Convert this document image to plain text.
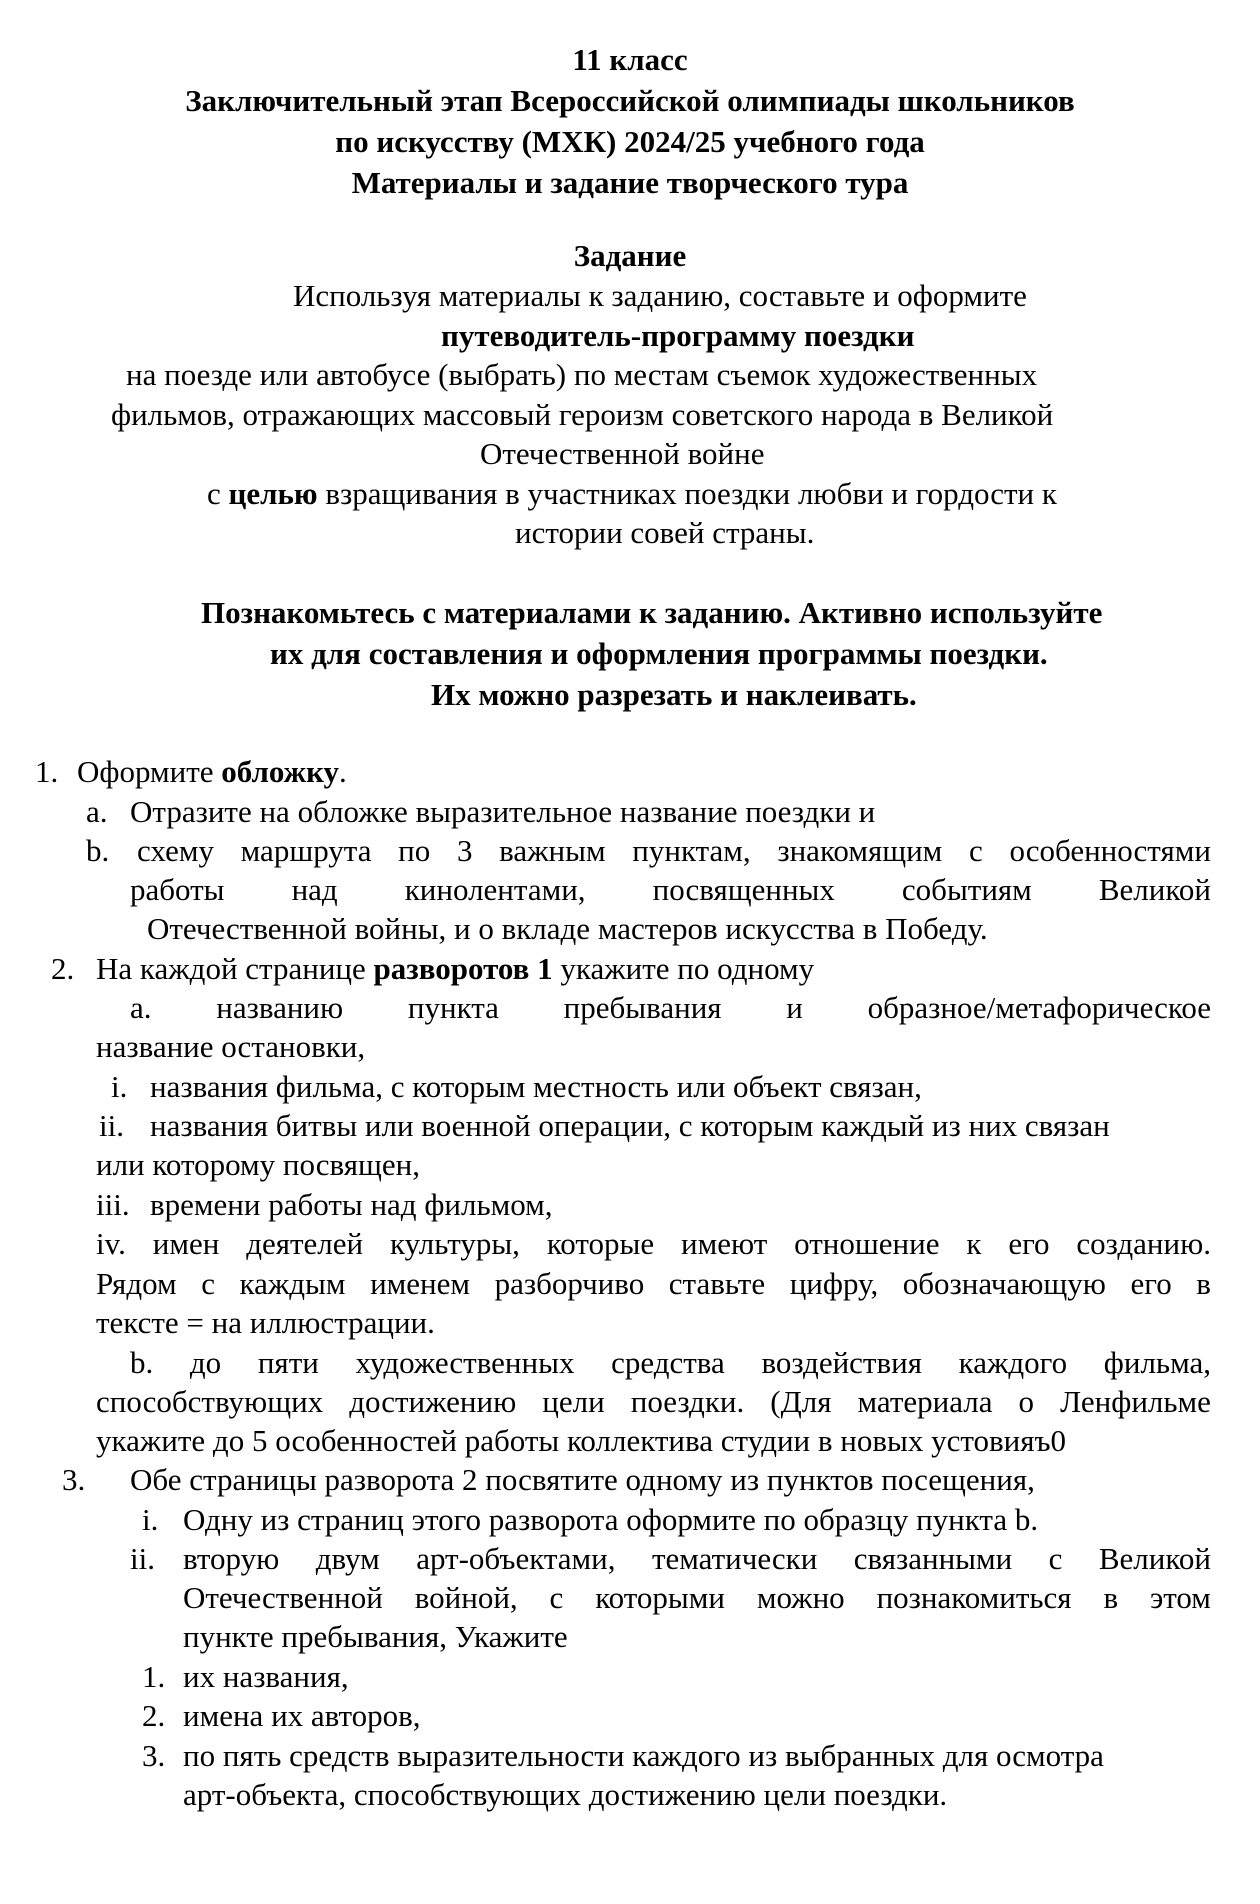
11 класс
Заключительный этап Всероссийской олимпиады школьников
по искусству (МХК) 2024/25 учебного года
Материалы и задание творческого тура
Задание
Используя материалы к заданию, составьте и оформите
путеводитель-программу поездки
на поезде или автобусе (выбрать) по местам съемок художественных
фильмов, отражающих массовый героизм советского народа в Великой
Отечественной войне
с целью взращивания в участниках поездки любви и гордости к
истории совей страны.
Познакомьтесь с материалами к заданию. Активно используйте
их для составления и оформления программы поездки.
Их можно разрезать и наклеивать.
1. Оформите обложку.
a. Отразите на обложке выразительное название поездки и
b. схему маршрута по 3 важным пунктам, знакомящим с особенностями
работы над кинолентами, посвященных событиям Великой
Отечественной войны, и о вкладе мастеров искусства в Победу.
2. На каждой странице разворотов 1 укажите по одному
a. названию пункта пребывания и образное/метафорическое
название остановки,
i. названия фильма, с которым местность или объект связан,
ii. названия битвы или военной операции, с которым каждый из них связан
или которому посвящен,
iii. времени работы над фильмом,
iv. имен деятелей культуры, которые имеют отношение к его созданию.
Рядом с каждым именем разборчиво ставьте цифру, обозначающую его в
тексте = на иллюстрации.
b. до пяти художественных средства воздействия каждого фильма,
способствующих достижению цели поездки. (Для материала о Ленфильме
укажите до 5 особенностей работы коллектива студии в новых устовияъ0
3. Обе страницы разворота 2 посвятите одному из пунктов посещения,
i. Одну из страниц этого разворота оформите по образцу пункта b.
ii. вторую двум арт-объектами, тематически связанными с Великой
Отечественной войной, с которыми можно познакомиться в этом
пункте пребывания, Укажите
1. их названия,
2. имена их авторов,
3. по пять средств выразительности каждого из выбранных для осмотра
арт-объекта, способствующих достижению цели поездки.
